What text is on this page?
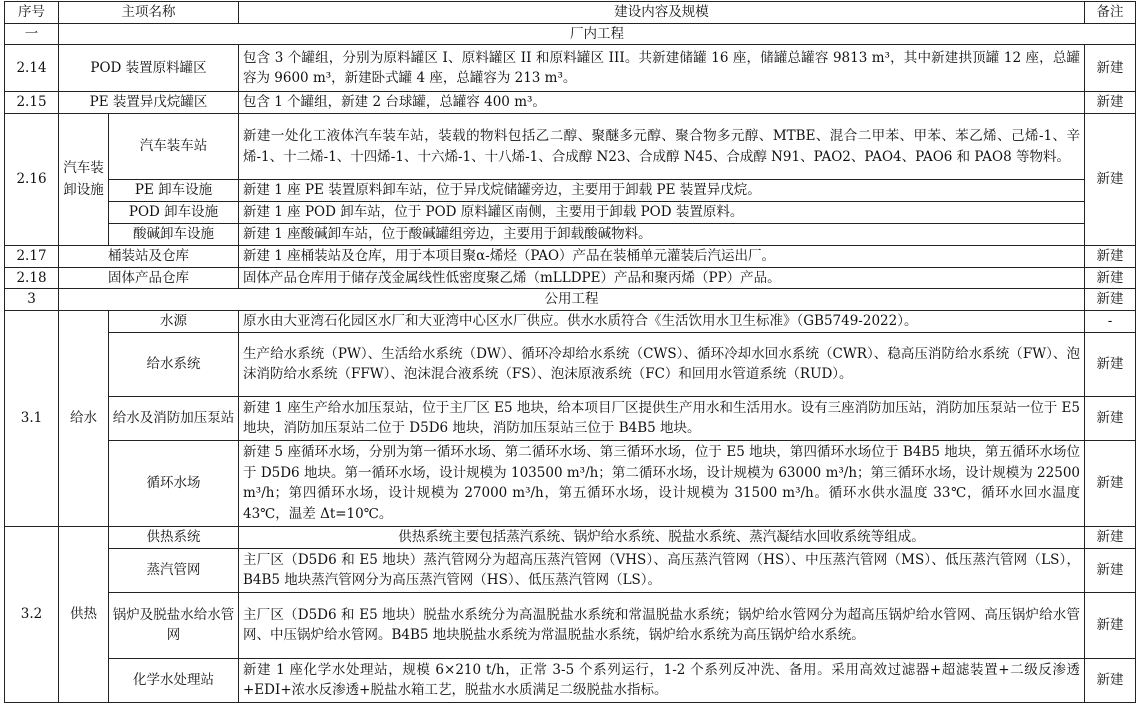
序号	主项名称		建设内容及规模	备注
一	厂内工程			
2.14	POD 装置原料罐区		包含 3 个罐组，分别为原料罐区 I、原料罐区 II 和原料罐区 III。共新建储罐 16 座，储罐总罐容 9813 m³，其中新建拱顶罐 12 座，总罐容为 9600 m³，新建卧式罐 4 座，总罐容为 213 m³。	新建
2.15	PE 装置异戊烷罐区		包含 1 个罐组，新建 2 台球罐，总罐容 400 m³。	新建
2.16	汽车装卸设施	汽车装车站	新建一处化工液体汽车装车站，装载的物料包括乙二醇、聚醚多元醇、聚合物多元醇、MTBE、混合二甲苯、甲苯、苯乙烯、己烯-1、辛烯-1、十二烯-1、十四烯-1、十六烯-1、十八烯-1、合成醇 N23、合成醇 N45、合成醇 N91、PAO2、PAO4、PAO6 和 PAO8 等物料。	新建
		PE 卸车设施	新建 1 座 PE 装置原料卸车站，位于异戊烷储罐旁边，主要用于卸载 PE 装置异戊烷。	
		POD 卸车设施	新建 1 座 POD 卸车站，位于 POD 原料罐区南侧，主要用于卸载 POD 装置原料。	
		酸碱卸车设施	新建 1 座酸碱卸车站，位于酸碱罐组旁边，主要用于卸载酸碱物料。	
2.17	桶装站及仓库		新建 1 座桶装站及仓库，用于本项目聚α-烯烃（PAO）产品在装桶单元灌装后汽运出厂。	新建
2.18	固体产品仓库		固体产品仓库用于储存茂金属线性低密度聚乙烯（mLLDPE）产品和聚丙烯（PP）产品。	新建
3	公用工程			新建
3.1	给水	水源	原水由大亚湾石化园区水厂和大亚湾中心区水厂供应。供水水质符合《生活饮用水卫生标准》（GB5749-2022）。	-
		给水系统	生产给水系统（PW）、生活给水系统（DW）、循环冷却给水系统（CWS）、循环冷却水回水系统（CWR）、稳高压消防给水系统（FW）、泡沫消防给水系统（FFW）、泡沫混合液系统（FS）、泡沫原液系统（FC）和回用水管道系统（RUD）。	新建
		给水及消防加压泵站	新建 1 座生产给水加压泵站，位于主厂区 E5 地块，给本项目厂区提供生产用水和生活用水。设有三座消防加压站，消防加压泵站一位于 E5 地块，消防加压泵站二位于 D5D6 地块，消防加压泵站三位于 B4B5 地块。	新建
		循环水场	新建 5 座循环水场，分别为第一循环水场、第二循环水场、第三循环水场，位于 E5 地块，第四循环水场位于 B4B5 地块，第五循环水场位于 D5D6 地块。第一循环水场，设计规模为 103500 m³/h；第二循环水场，设计规模为 63000 m³/h；第三循环水场，设计规模为 22500 m³/h；第四循环水场，设计规模为 27000 m³/h，第五循环水场，设计规模为 31500 m³/h。循环水供水温度 33℃，循环水回水温度 43℃，温差 Δt=10℃。	新建
3.2	供热	供热系统	供热系统主要包括蒸汽系统、锅炉给水系统、脱盐水系统、蒸汽凝结水回收系统等组成。	新建
		蒸汽管网	主厂区（D5D6 和 E5 地块）蒸汽管网分为超高压蒸汽管网（VHS）、高压蒸汽管网（HS）、中压蒸汽管网（MS）、低压蒸汽管网（LS），B4B5 地块蒸汽管网分为高压蒸汽管网（HS）、低压蒸汽管网（LS）。	新建
		锅炉及脱盐水给水管网	主厂区（D5D6 和 E5 地块）脱盐水系统分为高温脱盐水系统和常温脱盐水系统；锅炉给水管网分为超高压锅炉给水管网、高压锅炉给水管网、中压锅炉给水管网。B4B5 地块脱盐水系统为常温脱盐水系统，锅炉给水系统为高压锅炉给水系统。	新建
		化学水处理站	新建 1 座化学水处理站，规模 6×210 t/h，正常 3-5 个系列运行，1-2 个系列反冲洗、备用。采用高效过滤器+超滤装置+二级反渗透+EDI+浓水反渗透+脱盐水箱工艺，脱盐水水质满足二级脱盐水指标。	新建
